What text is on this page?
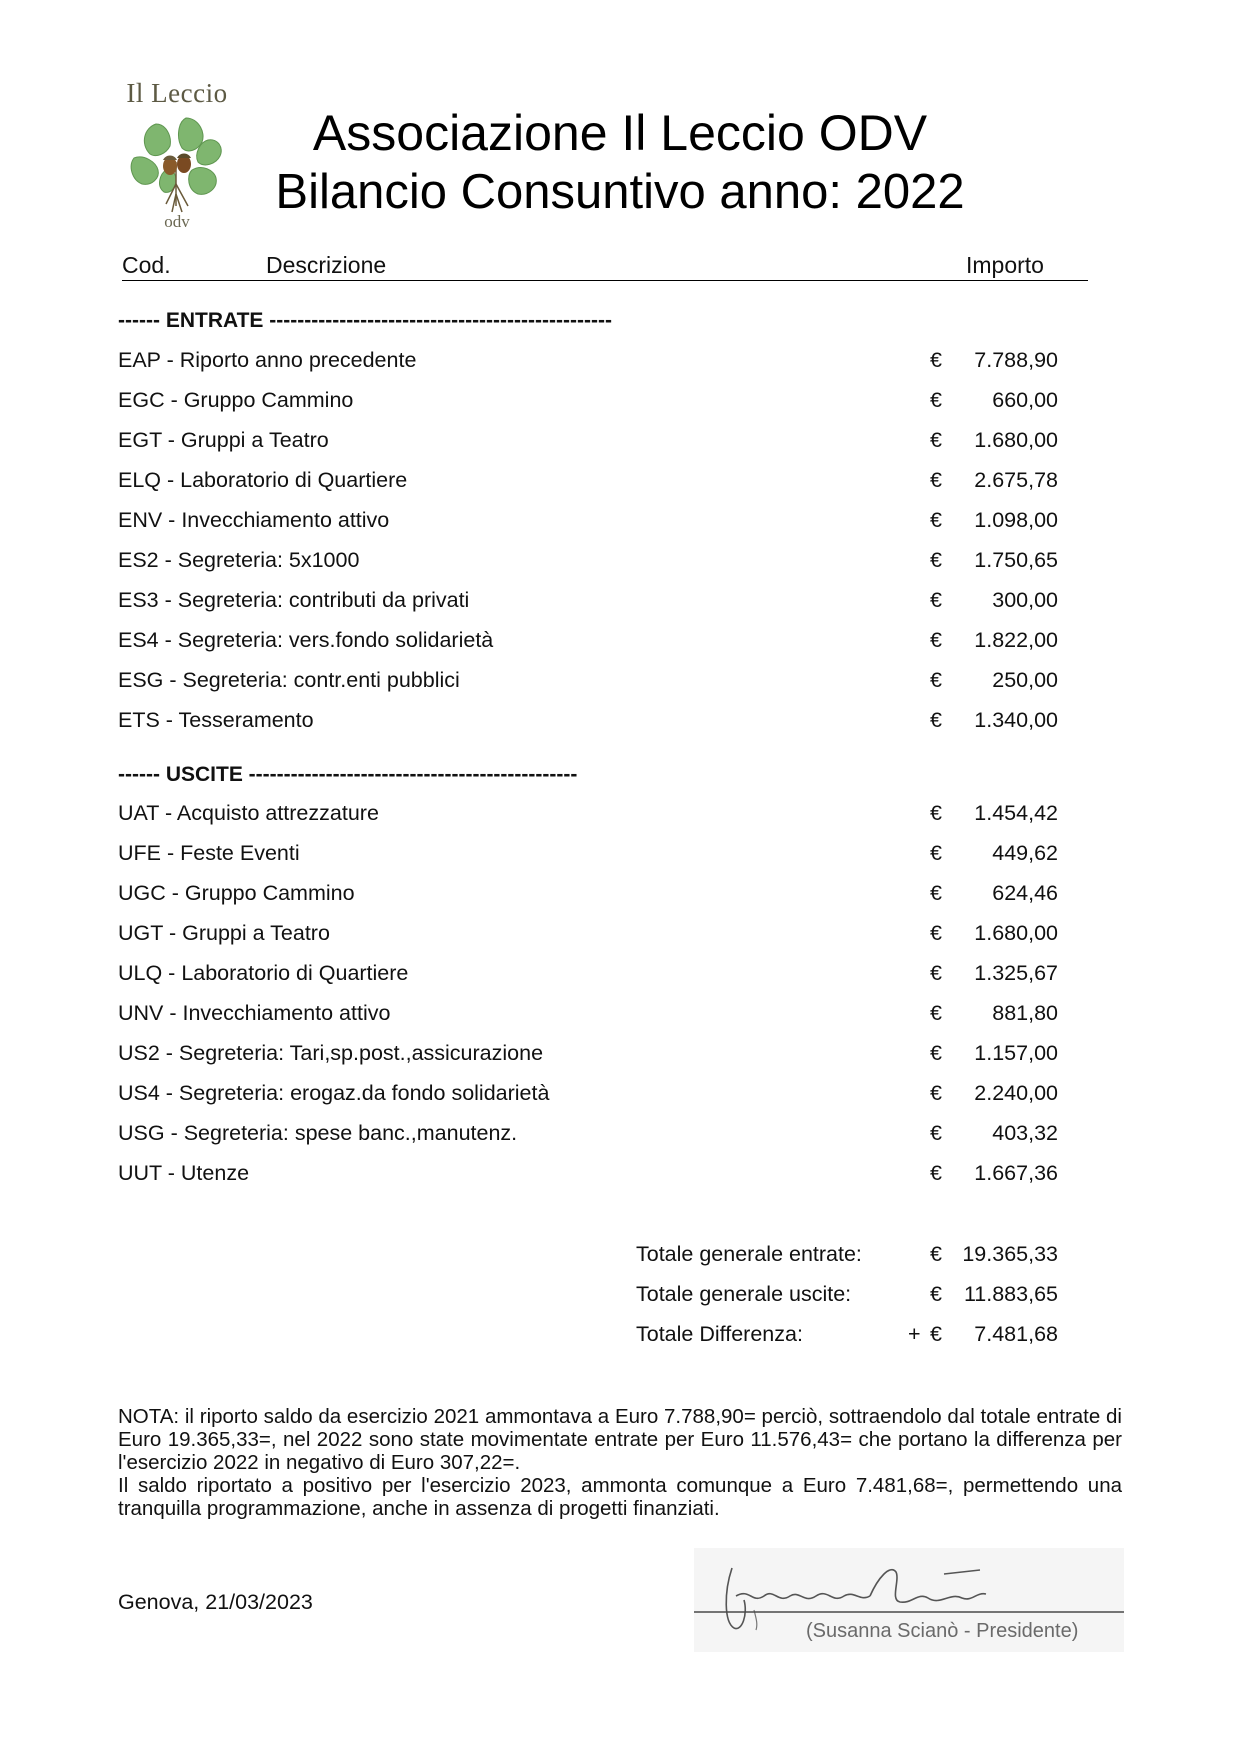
Il Leccio
odv
Associazione Il Leccio ODV
Bilancio Consuntivo anno: 2022
Cod.	Descrizione	Importo
------ ENTRATE -------------------------------------------------
EAP - Riporto anno precedente	€	7.788,90
EGC - Gruppo Cammino	€	660,00
EGT - Gruppi a Teatro	€	1.680,00
ELQ - Laboratorio di Quartiere	€	2.675,78
ENV - Invecchiamento attivo	€	1.098,00
ES2 - Segreteria: 5x1000	€	1.750,65
ES3 - Segreteria: contributi da privati	€	300,00
ES4 - Segreteria: vers.fondo solidarietà	€	1.822,00
ESG - Segreteria: contr.enti pubblici	€	250,00
ETS - Tesseramento	€	1.340,00
------ USCITE -----------------------------------------------
UAT - Acquisto attrezzature	€	1.454,42
UFE - Feste Eventi	€	449,62
UGC - Gruppo Cammino	€	624,46
UGT - Gruppi a Teatro	€	1.680,00
ULQ - Laboratorio di Quartiere	€	1.325,67
UNV - Invecchiamento attivo	€	881,80
US2 - Segreteria: Tari,sp.post.,assicurazione	€	1.157,00
US4 - Segreteria: erogaz.da fondo solidarietà	€	2.240,00
USG - Segreteria: spese banc.,manutenz.	€	403,32
UUT - Utenze	€	1.667,36
Totale generale entrate:	€ 19.365,33
Totale generale uscite:	€	11.883,65
Totale Differenza:	+ €	7.481,68

NOTA: il riporto saldo da esercizio 2021 ammontava a Euro 7.788,90= perciò, sottraendolo dal totale entrate di Euro 19.365,33=, nel 2022 sono state movimentate entrate per Euro 11.576,43= che portano la differenza per l'esercizio 2022 in negativo di Euro 307,22=.

Il saldo riportato a positivo per l'esercizio 2023, ammonta comunque a Euro 7.481,68=, permettendo una tranquilla programmazione, anche in assenza di progetti finanziati.

Genova, 21/03/2023
(Susanna Scianò - Presidente)
